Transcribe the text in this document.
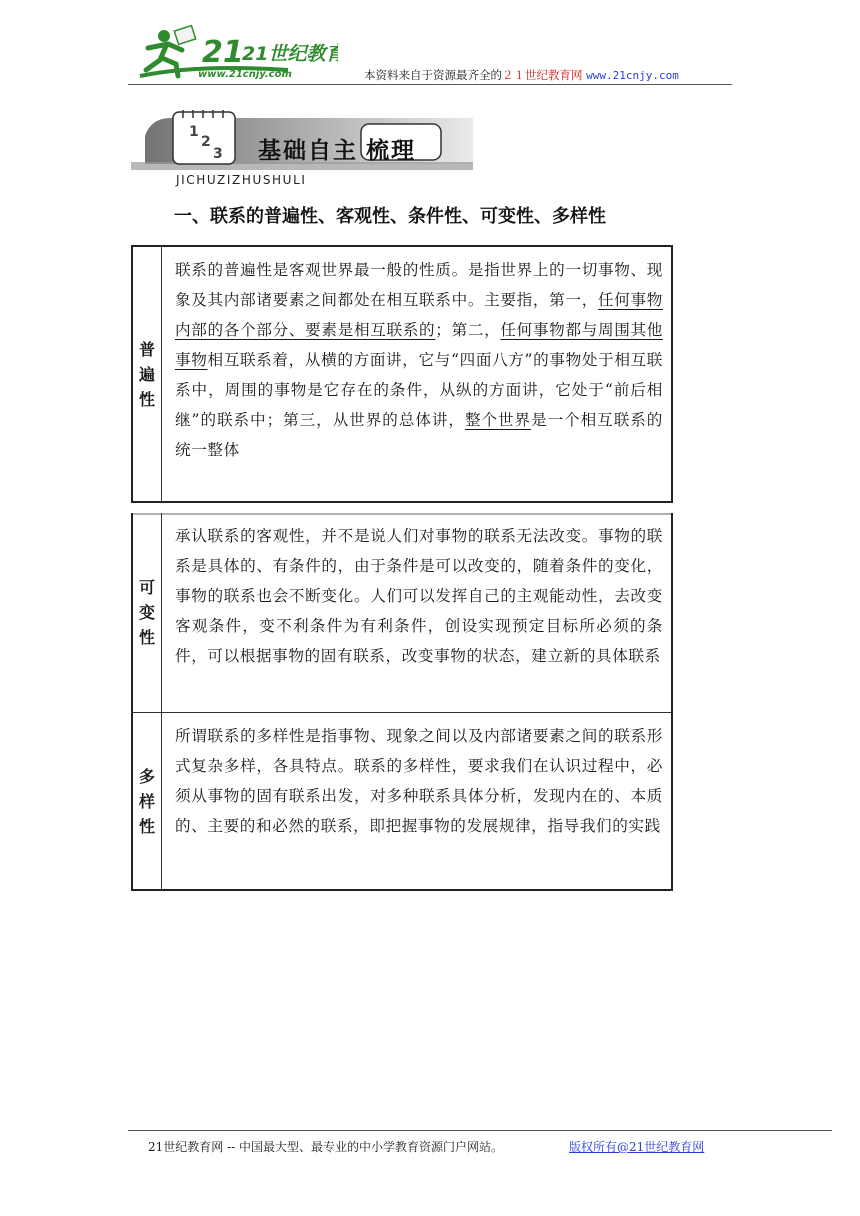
21
21世纪教育
www.21cnjy.com	本资料来自于资源最齐全的２１世纪教育网 www.21cnjy.com
1
2
3 基础自主 梳理
JICHUZIZHUSHULI
一、联系的普遍性、客观性、条件性、可变性、多样性
普
遍
性
联系的普遍性是客观世界最一般的性质。是指世界上的一切事物、现象及其内部诸要素之间都处在相互联系中。主要指，第一，任何事物内部的各个部分、要素是相互联系的；第二，任何事物都与周围其他事物相互联系着，从横的方面讲，它与“四面八方”的事物处于相互联系中，周围的事物是它存在的条件，从纵的方面讲，它处于“前后相继”的联系中；第三，从世界的总体讲，整个世界是一个相互联系的统一整体
可
变
性
承认联系的客观性，并不是说人们对事物的联系无法改变。事物的联系是具体的、有条件的，由于条件是可以改变的，随着条件的变化，事物的联系也会不断变化。人们可以发挥自己的主观能动性，去改变客观条件，变不利条件为有利条件，创设实现预定目标所必须的条件，可以根据事物的固有联系，改变事物的状态，建立新的具体联系
多
样
性
所谓联系的多样性是指事物、现象之间以及内部诸要素之间的联系形式复杂多样，各具特点。联系的多样性，要求我们在认识过程中，必须从事物的固有联系出发，对多种联系具体分析，发现内在的、本质的、主要的和必然的联系，即把握事物的发展规律，指导我们的实践
21世纪教育网 -- 中国最大型、最专业的中小学教育资源门户网站。	版权所有@21世纪教育网
